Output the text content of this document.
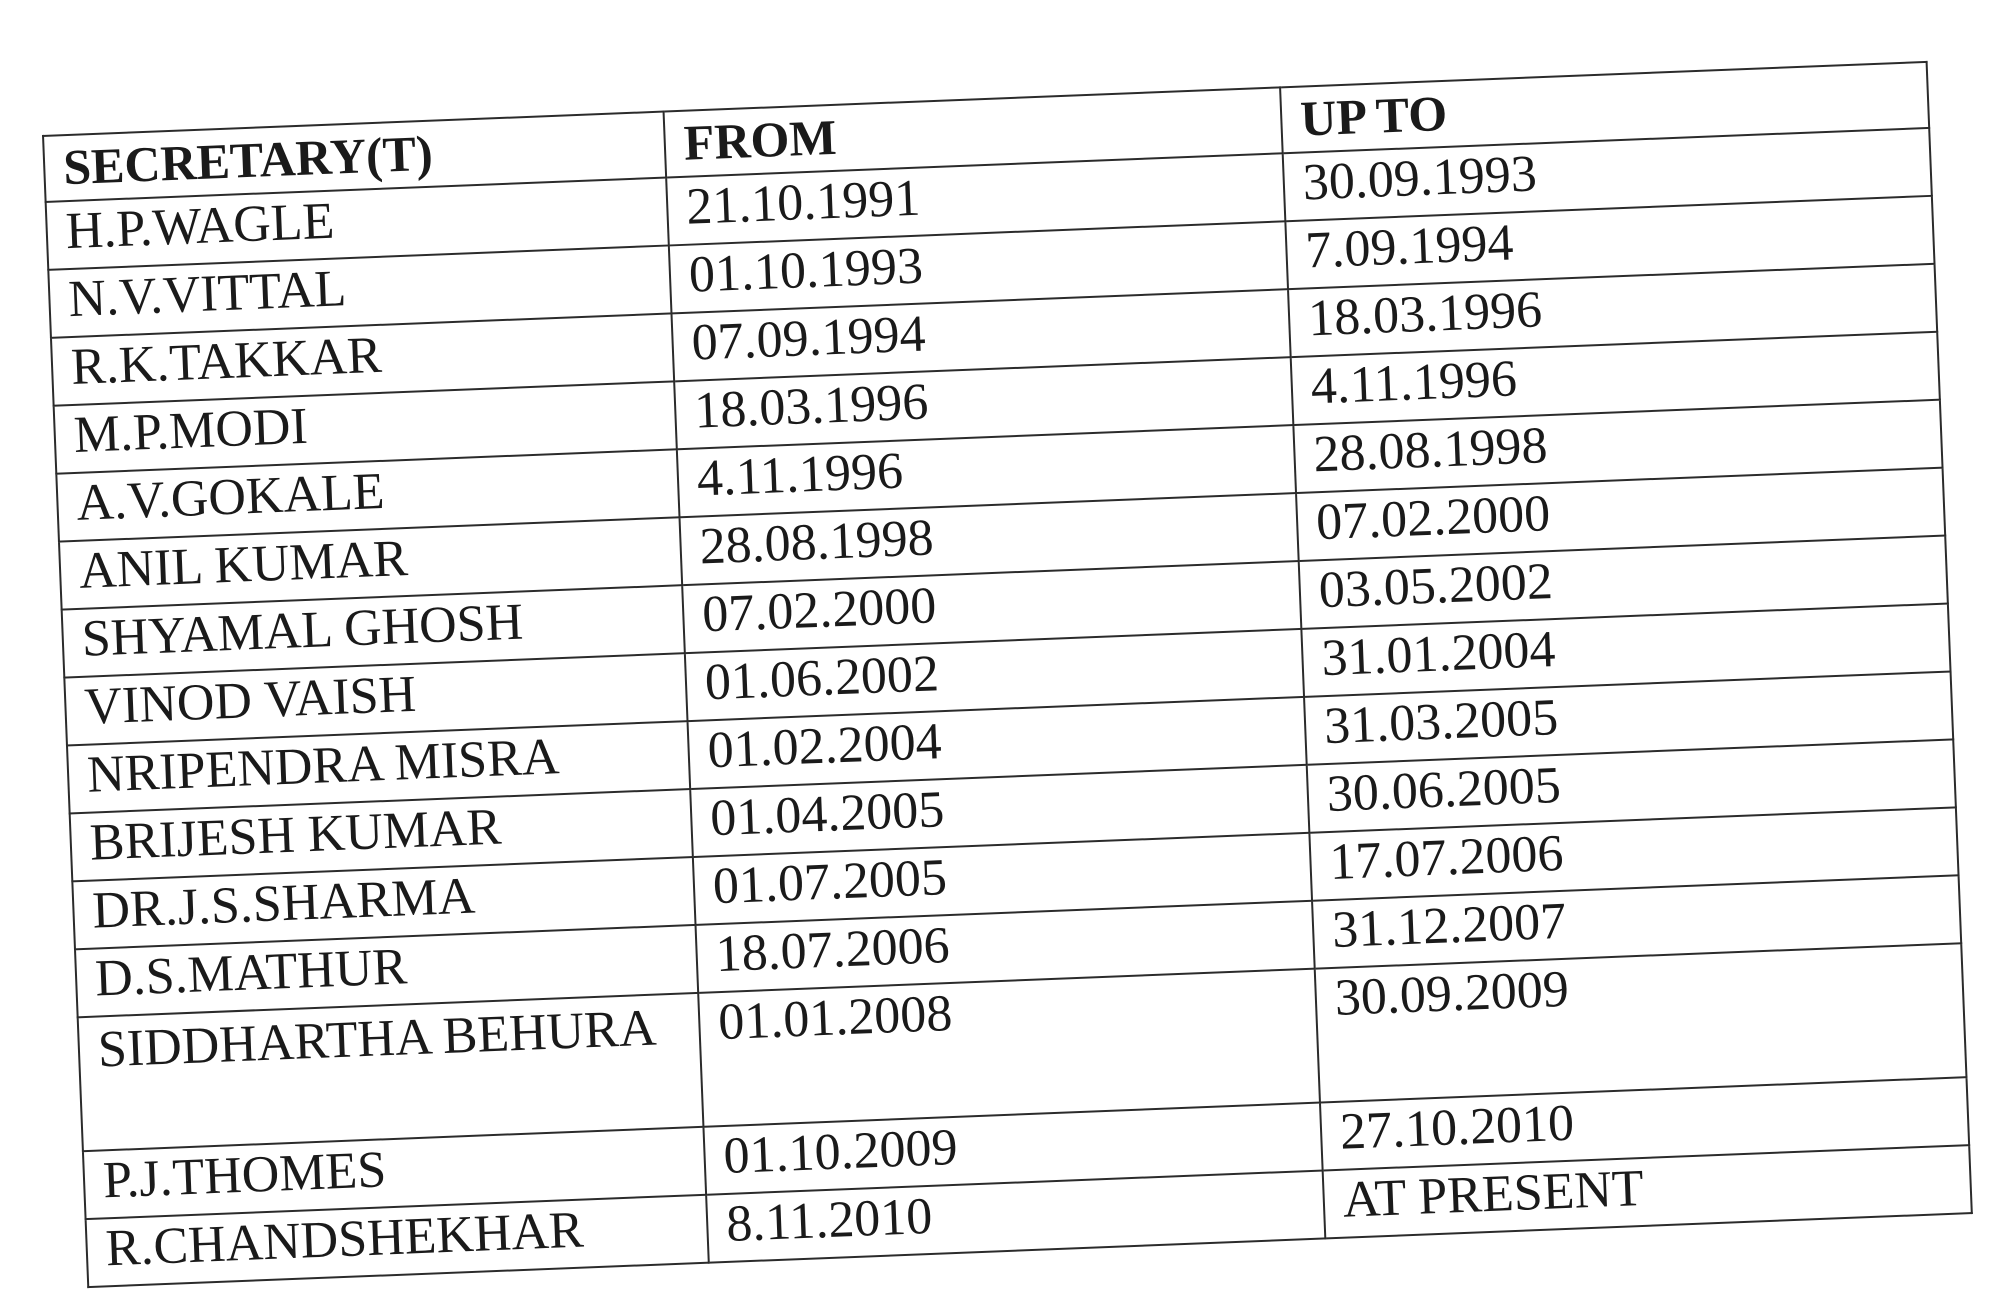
SECRETARY(T)	FROM	UP TO
H.P.WAGLE	21.10.1991	30.09.1993
N.V.VITTAL	01.10.1993	7.09.1994
R.K.TAKKAR	07.09.1994	18.03.1996
M.P.MODI	18.03.1996	4.11.1996
A.V.GOKALE	4.11.1996	28.08.1998
ANIL KUMAR	28.08.1998	07.02.2000
SHYAMAL GHOSH	07.02.2000	03.05.2002
VINOD VAISH	01.06.2002	31.01.2004
NRIPENDRA MISRA	01.02.2004	31.03.2005
BRIJESH KUMAR	01.04.2005	30.06.2005
DR.J.S.SHARMA	01.07.2005	17.07.2006
D.S.MATHUR	18.07.2006	31.12.2007
SIDDHARTHA BEHURA	01.01.2008	30.09.2009
P.J.THOMES	01.10.2009	27.10.2010
R.CHANDSHEKHAR	8.11.2010	AT PRESENT
